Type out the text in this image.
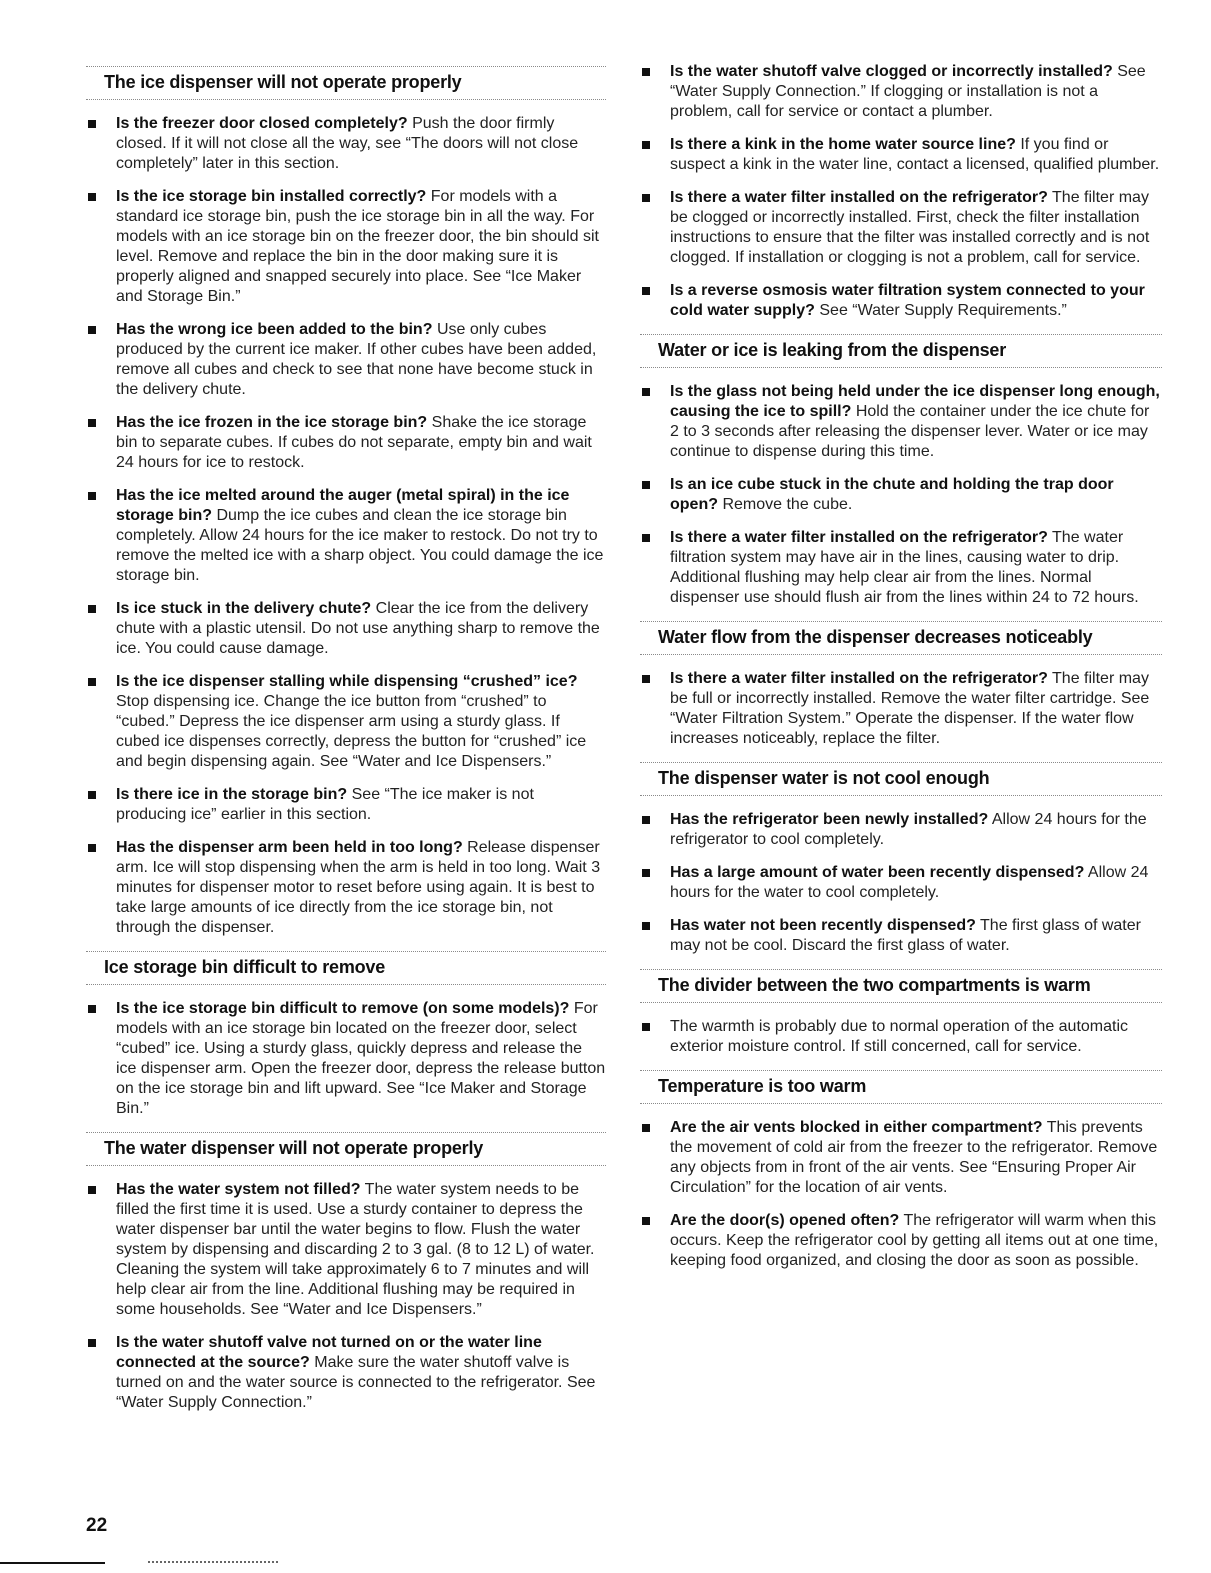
The ice dispenser will not operate properly
Is the freezer door closed completely? Push the door firmly closed. If it will not close all the way, see “The doors will not close completely” later in this section.
Is the ice storage bin installed correctly? For models with a standard ice storage bin, push the ice storage bin in all the way. For models with an ice storage bin on the freezer door, the bin should sit level. Remove and replace the bin in the door making sure it is properly aligned and snapped securely into place. See “Ice Maker and Storage Bin.”
Has the wrong ice been added to the bin? Use only cubes produced by the current ice maker. If other cubes have been added, remove all cubes and check to see that none have become stuck in the delivery chute.
Has the ice frozen in the ice storage bin? Shake the ice storage bin to separate cubes. If cubes do not separate, empty bin and wait 24 hours for ice to restock.
Has the ice melted around the auger (metal spiral) in the ice storage bin? Dump the ice cubes and clean the ice storage bin completely. Allow 24 hours for the ice maker to restock. Do not try to remove the melted ice with a sharp object. You could damage the ice storage bin.
Is ice stuck in the delivery chute? Clear the ice from the delivery chute with a plastic utensil. Do not use anything sharp to remove the ice. You could cause damage.
Is the ice dispenser stalling while dispensing “crushed” ice? Stop dispensing ice. Change the ice button from “crushed” to “cubed.” Depress the ice dispenser arm using a sturdy glass. If cubed ice dispenses correctly, depress the button for “crushed” ice and begin dispensing again. See “Water and Ice Dispensers.”
Is there ice in the storage bin? See “The ice maker is not producing ice” earlier in this section.
Has the dispenser arm been held in too long? Release dispenser arm. Ice will stop dispensing when the arm is held in too long. Wait 3 minutes for dispenser motor to reset before using again. It is best to take large amounts of ice directly from the ice storage bin, not through the dispenser.
Ice storage bin difficult to remove
Is the ice storage bin difficult to remove (on some models)? For models with an ice storage bin located on the freezer door, select “cubed” ice. Using a sturdy glass, quickly depress and release the ice dispenser arm. Open the freezer door, depress the release button on the ice storage bin and lift upward. See “Ice Maker and Storage Bin.”
The water dispenser will not operate properly
Has the water system not filled? The water system needs to be filled the first time it is used. Use a sturdy container to depress the water dispenser bar until the water begins to flow. Flush the water system by dispensing and discarding 2 to 3 gal. (8 to 12 L) of water. Cleaning the system will take approximately 6 to 7 minutes and will help clear air from the line. Additional flushing may be required in some households. See “Water and Ice Dispensers.”
Is the water shutoff valve not turned on or the water line connected at the source? Make sure the water shutoff valve is turned on and the water source is connected to the refrigerator. See “Water Supply Connection.”
Is the water shutoff valve clogged or incorrectly installed? See “Water Supply Connection.” If clogging or installation is not a problem, call for service or contact a plumber.
Is there a kink in the home water source line? If you find or suspect a kink in the water line, contact a licensed, qualified plumber.
Is there a water filter installed on the refrigerator? The filter may be clogged or incorrectly installed. First, check the filter installation instructions to ensure that the filter was installed correctly and is not clogged. If installation or clogging is not a problem, call for service.
Is a reverse osmosis water filtration system connected to your cold water supply? See “Water Supply Requirements.”
Water or ice is leaking from the dispenser
Is the glass not being held under the ice dispenser long enough, causing the ice to spill? Hold the container under the ice chute for 2 to 3 seconds after releasing the dispenser lever. Water or ice may continue to dispense during this time.
Is an ice cube stuck in the chute and holding the trap door open? Remove the cube.
Is there a water filter installed on the refrigerator? The water filtration system may have air in the lines, causing water to drip. Additional flushing may help clear air from the lines. Normal dispenser use should flush air from the lines within 24 to 72 hours.
Water flow from the dispenser decreases noticeably
Is there a water filter installed on the refrigerator? The filter may be full or incorrectly installed. Remove the water filter cartridge. See “Water Filtration System.” Operate the dispenser. If the water flow increases noticeably, replace the filter.
The dispenser water is not cool enough
Has the refrigerator been newly installed? Allow 24 hours for the refrigerator to cool completely.
Has a large amount of water been recently dispensed? Allow 24 hours for the water to cool completely.
Has water not been recently dispensed? The first glass of water may not be cool. Discard the first glass of water.
The divider between the two compartments is warm
The warmth is probably due to normal operation of the automatic exterior moisture control. If still concerned, call for service.
Temperature is too warm
Are the air vents blocked in either compartment? This prevents the movement of cold air from the freezer to the refrigerator. Remove any objects from in front of the air vents. See “Ensuring Proper Air Circulation” for the location of air vents.
Are the door(s) opened often? The refrigerator will warm when this occurs. Keep the refrigerator cool by getting all items out at one time, keeping food organized, and closing the door as soon as possible.
22
